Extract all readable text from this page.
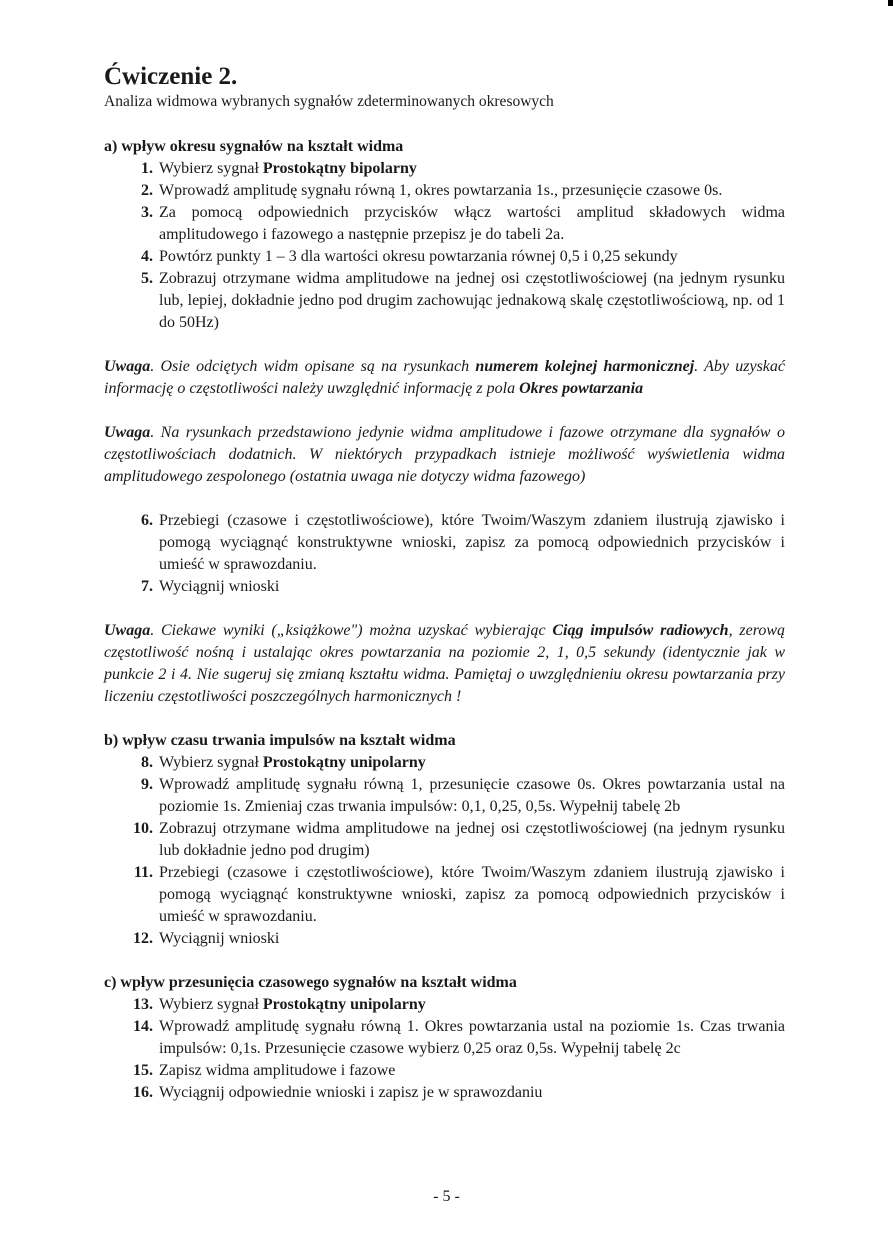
Ćwiczenie 2.

Analiza widmowa wybranych sygnałów zdeterminowanych okresowych

a) wpływ okresu sygnałów na kształt widma
1. Wybierz sygnał Prostokątny bipolarny
2. Wprowadź amplitudę sygnału równą 1, okres powtarzania 1s., przesunięcie czasowe 0s.
3. Za pomocą odpowiednich przycisków włącz wartości amplitud składowych widma amplitudowego i fazowego a następnie przepisz je do tabeli 2a.
4. Powtórz punkty 1 – 3 dla wartości okresu powtarzania równej 0,5 i 0,25 sekundy
5. Zobrazuj otrzymane widma amplitudowe na jednej osi częstotliwościowej (na jednym rysunku lub, lepiej, dokładnie jedno pod drugim zachowując jednakową skalę częstotliwościową, np. od 1 do 50Hz)

Uwaga. Osie odciętych widm opisane są na rysunkach numerem kolejnej harmonicznej. Aby uzyskać informację o częstotliwości należy uwzględnić informację z pola Okres powtarzania

Uwaga. Na rysunkach przedstawiono jedynie widma amplitudowe i fazowe otrzymane dla sygnałów o częstotliwościach dodatnich. W niektórych przypadkach istnieje możliwość wyświetlenia widma amplitudowego zespolonego (ostatnia uwaga nie dotyczy widma fazowego)

6. Przebiegi (czasowe i częstotliwościowe), które Twoim/Waszym zdaniem ilustrują zjawisko i pomogą wyciągnąć konstruktywne wnioski, zapisz za pomocą odpowiednich przycisków i umieść w sprawozdaniu.
7. Wyciągnij wnioski

Uwaga. Ciekawe wyniki („książkowe") można uzyskać wybierając Ciąg impulsów radiowych, zerową częstotliwość nośną i ustalając okres powtarzania na poziomie 2, 1, 0,5 sekundy (identycznie jak w punkcie 2 i 4. Nie sugeruj się zmianą kształtu widma. Pamiętaj o uwzględnieniu okresu powtarzania przy liczeniu częstotliwości poszczególnych harmonicznych !

b) wpływ czasu trwania impulsów na kształt widma
8. Wybierz sygnał Prostokątny unipolarny
9. Wprowadź amplitudę sygnału równą 1, przesunięcie czasowe 0s. Okres powtarzania ustal na poziomie 1s. Zmieniaj czas trwania impulsów: 0,1, 0,25, 0,5s. Wypełnij tabelę 2b
10. Zobrazuj otrzymane widma amplitudowe na jednej osi częstotliwościowej (na jednym rysunku lub dokładnie jedno pod drugim)
11. Przebiegi (czasowe i częstotliwościowe), które Twoim/Waszym zdaniem ilustrują zjawisko i pomogą wyciągnąć konstruktywne wnioski, zapisz za pomocą odpowiednich przycisków i umieść w sprawozdaniu.
12. Wyciągnij wnioski
c) wpływ przesunięcia czasowego sygnałów na kształt widma
13. Wybierz sygnał Prostokątny unipolarny
14. Wprowadź amplitudę sygnału równą 1. Okres powtarzania ustal na poziomie 1s. Czas trwania impulsów: 0,1s. Przesunięcie czasowe wybierz 0,25 oraz 0,5s. Wypełnij tabelę 2c
15. Zapisz widma amplitudowe i fazowe
16. Wyciągnij odpowiednie wnioski i zapisz je w sprawozdaniu
- 5 -
